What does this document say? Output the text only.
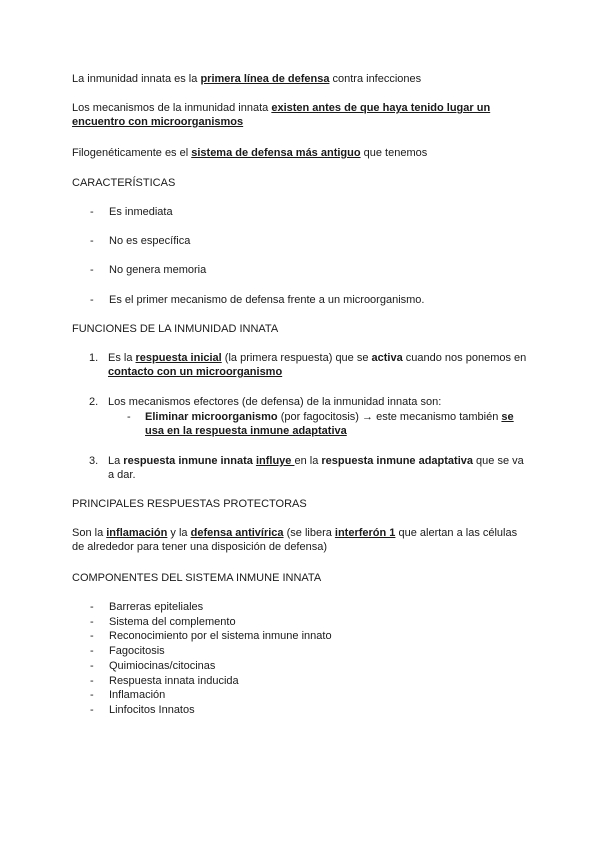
La inmunidad innata es la primera línea de defensa contra infecciones

Los mecanismos de la inmunidad innata existen antes de que haya tenido lugar un encuentro con microorganismos

Filogenéticamente es el sistema de defensa más antiguo que tenemos

CARACTERÍSTICAS

- Es inmediata
- No es específica
- No genera memoria
- Es el primer mecanismo de defensa frente a un microorganismo.

FUNCIONES DE LA INMUNIDAD INNATA

1. Es la respuesta inicial (la primera respuesta) que se activa cuando nos ponemos en contacto con un microorganismo
2. Los mecanismos efectores (de defensa) de la inmunidad innata son:
- Eliminar microorganismo (por fagocitosis) → este mecanismo también se usa en la respuesta inmune adaptativa
3. La respuesta inmune innata influye en la respuesta inmune adaptativa que se va a dar.

PRINCIPALES RESPUESTAS PROTECTORAS

Son la inflamación y la defensa antivírica (se libera interferón 1 que alertan a las células de alrededor para tener una disposición de defensa)

COMPONENTES DEL SISTEMA INMUNE INNATA

- Barreras epiteliales
- Sistema del complemento
- Reconocimiento por el sistema inmune innato
- Fagocitosis
- Quimiocinas/citocinas
- Respuesta innata inducida
- Inflamación
- Linfocitos Innatos
